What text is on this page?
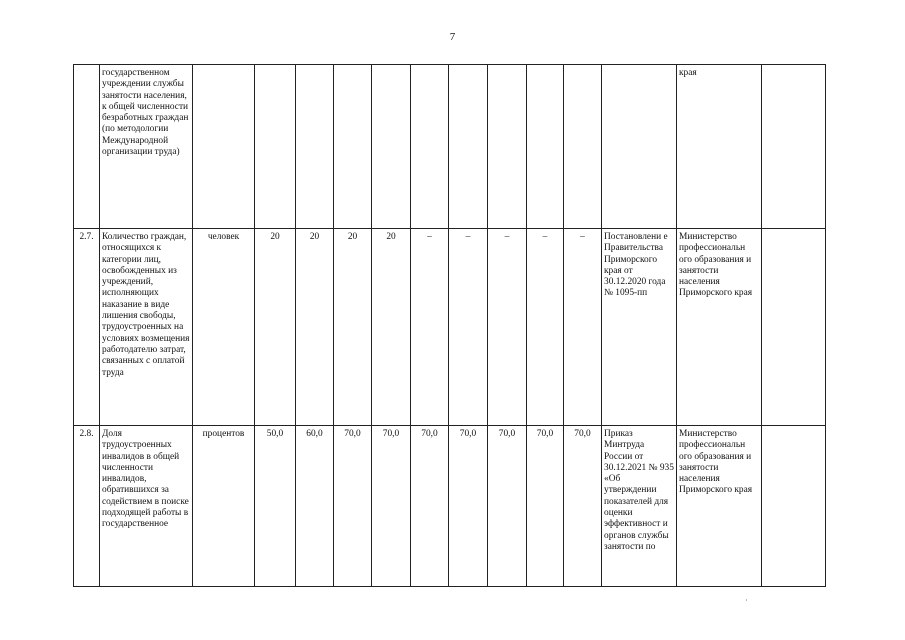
7
	государственном учреждении службы занятости населения, к общей численности безработных граждан (по методологии Международной организации труда)												края	
2.7.	Количество граждан, относящихся к категории лиц, освобожденных из учреждений, исполняющих наказание в виде лишения свободы, трудоустроенных на условиях возмещения работодателю затрат, связанных с оплатой труда	человек	20	20	20	20	–	–	–	–	–	Постановлени е Правительства Приморского края от 30.12.2020 года № 1095-пп	Министерство профессиональн ого образования и занятости населения Приморского края	
2.8.	Доля трудоустроенных инвалидов в общей численности инвалидов, обратившихся за содействием в поиске подходящей работы в государственное	процентов	50,0	60,0	70,0	70,0	70,0	70,0	70,0	70,0	70,0	Приказ Минтруда России от 30.12.2021 № 935 «Об утверждении показателей для оценки эффективност и органов службы занятости по	Министерство профессиональн ого образования и занятости населения Приморского края	
·
